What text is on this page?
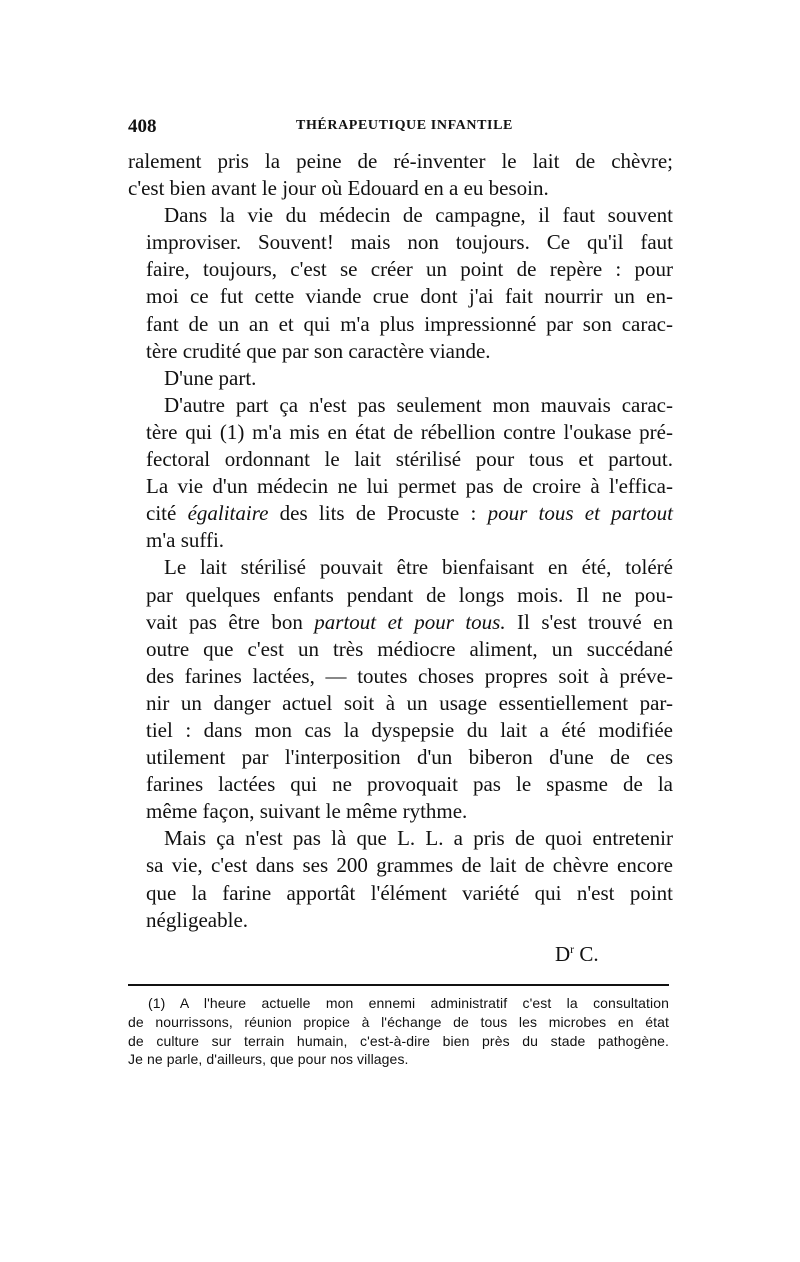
408	THÉRAPEUTIQUE INFANTILE

ralement pris la peine de ré-inventer le lait de chèvre;
c'est bien avant le jour où Edouard en a eu besoin.

Dans la vie du médecin de campagne, il faut souvent
improviser. Souvent! mais non toujours. Ce qu'il faut
faire, toujours, c'est se créer un point de repère : pour
moi ce fut cette viande crue dont j'ai fait nourrir un en-
fant de un an et qui m'a plus impressionné par son carac-
tère crudité que par son caractère viande.

D'une part.

D'autre part ça n'est pas seulement mon mauvais carac-
tère qui (1) m'a mis en état de rébellion contre l'oukase pré-
fectoral ordonnant le lait stérilisé pour tous et partout.
La vie d'un médecin ne lui permet pas de croire à l'effica-
cité égalitaire des lits de Procuste : pour tous et partout
m'a suffi.

Le lait stérilisé pouvait être bienfaisant en été, toléré
par quelques enfants pendant de longs mois. Il ne pou-
vait pas être bon partout et pour tous. Il s'est trouvé en
outre que c'est un très médiocre aliment, un succédané
des farines lactées, — toutes choses propres soit à préve-
nir un danger actuel soit à un usage essentiellement par-
tiel : dans mon cas la dyspepsie du lait a été modifiée
utilement par l'interposition d'un biberon d'une de ces
farines lactées qui ne provoquait pas le spasme de la
même façon, suivant le même rythme.

Mais ça n'est pas là que L. L. a pris de quoi entretenir
sa vie, c'est dans ses 200 grammes de lait de chèvre encore
que la farine apportât l'élément variété qui n'est point
négligeable.

$D^r$ C.
(1) A l'heure actuelle mon ennemi administratif c'est la consultation
de nourrissons, réunion propice à l'échange de tous les microbes en état
de culture sur terrain humain, c'est-à-dire bien près du stade pathogène.
Je ne parle, d'ailleurs, que pour nos villages.
